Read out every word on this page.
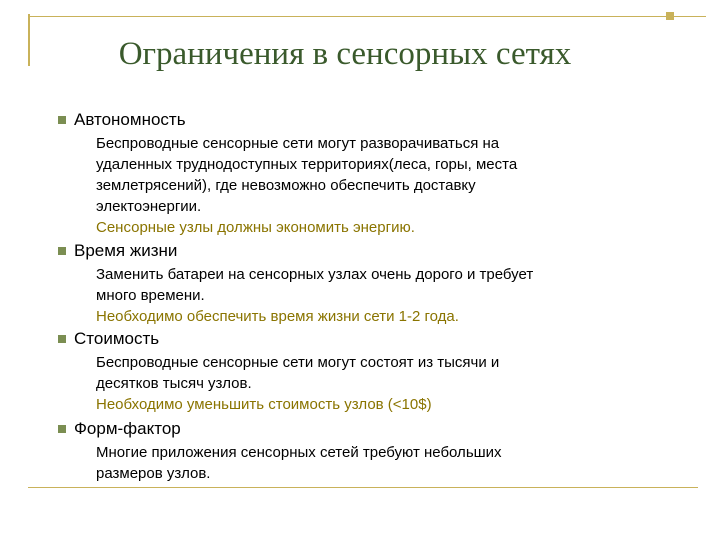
Ограничения в сенсорных сетях
Автономность
Беспроводные сенсорные сети могут разворачиваться на
удаленных труднодоступных территориях(леса, горы, места
землетрясений), где невозможно обеспечить доставку
электоэнергии.
Сенсорные узлы должны экономить энергию.
Время жизни
Заменить батареи на сенсорных узлах очень дорого и требует
много времени.
Необходимо обеспечить время жизни сети 1-2 года.
Стоимость
Беспроводные сенсорные сети могут состоят из тысячи и
десятков тысяч узлов.
Необходимо уменьшить стоимость узлов (<10$)
Форм-фактор
Многие приложения сенсорных сетей требуют небольших
размеров узлов.
